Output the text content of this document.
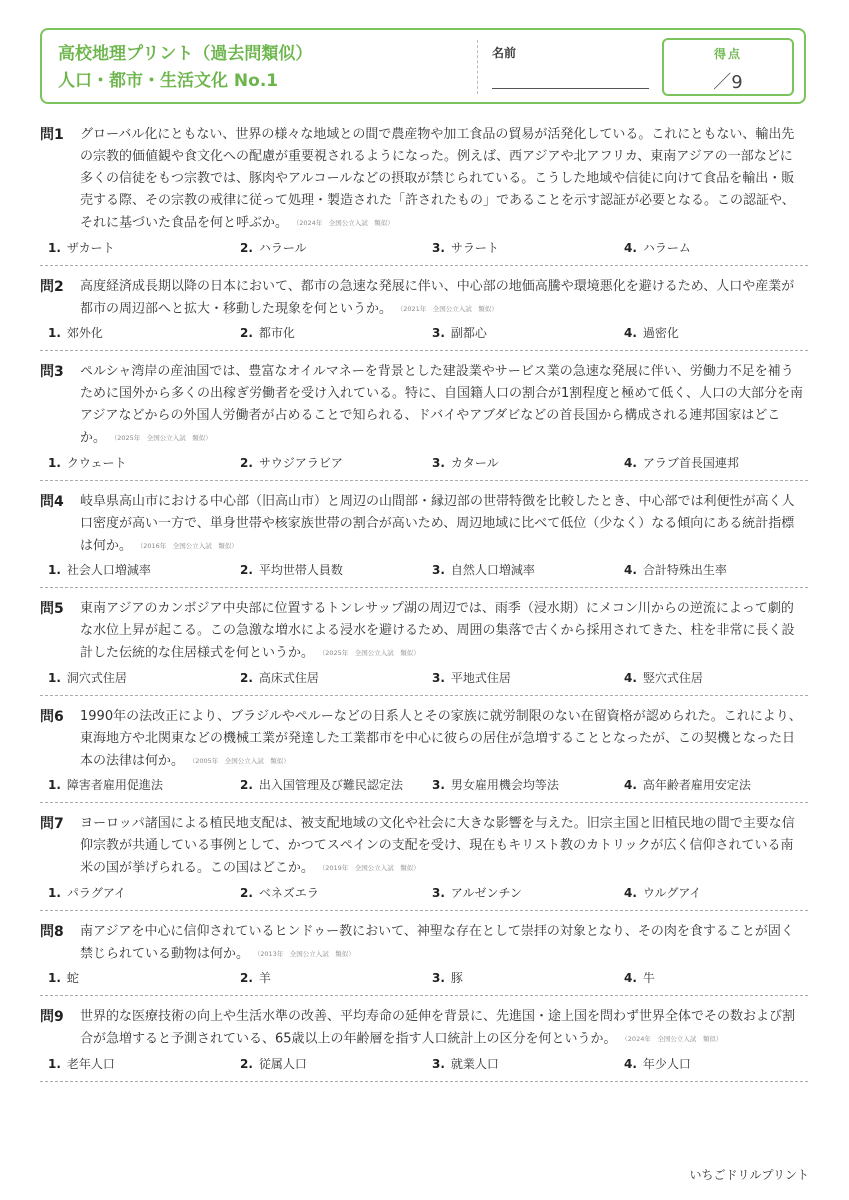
高校地理プリント（過去問類似）
人口・都市・生活文化 No.1
名前	得点
／9
問1	グローバル化にともない、世界の様々な地域との間で農産物や加工食品の貿易が活発化している。これにともない、輸出先の宗教的価値観や食文化への配慮が重要視されるようになった。例えば、西アジアや北アフリカ、東南アジアの一部などに多くの信徒をもつ宗教では、豚肉やアルコールなどの摂取が禁じられている。こうした地域や信徒に向けて食品を輸出・販売する際、その宗教の戒律に従って処理・製造された「許されたもの」であることを示す認証が必要となる。この認証や、それに基づいた食品を何と呼ぶか。 （2024年　全国公立入試　類似）
1. ザカート	2. ハラール	3. サラート	4. ハラーム
問2	高度経済成長期以降の日本において、都市の急速な発展に伴い、中心部の地価高騰や環境悪化を避けるため、人口や産業が都市の周辺部へと拡大・移動した現象を何というか。 （2021年　全国公立入試　類似）
1. 郊外化	2. 都市化	3. 副都心	4. 過密化
問3	ペルシャ湾岸の産油国では、豊富なオイルマネーを背景とした建設業やサービス業の急速な発展に伴い、労働力不足を補うために国外から多くの出稼ぎ労働者を受け入れている。特に、自国籍人口の割合が1割程度と極めて低く、人口の大部分を南アジアなどからの外国人労働者が占めることで知られる、ドバイやアブダビなどの首長国から構成される連邦国家はどこか。 （2025年　全国公立入試　類似）
1. クウェート	2. サウジアラビア	3. カタール	4. アラブ首長国連邦
問4	岐阜県高山市における中心部（旧高山市）と周辺の山間部・縁辺部の世帯特徴を比較したとき、中心部では利便性が高く人口密度が高い一方で、単身世帯や核家族世帯の割合が高いため、周辺地域に比べて低位（少なく）なる傾向にある統計指標は何か。 （2016年　全国公立入試　類似）
1. 社会人口増減率	2. 平均世帯人員数	3. 自然人口増減率	4. 合計特殊出生率
問5	東南アジアのカンボジア中央部に位置するトンレサップ湖の周辺では、雨季（浸水期）にメコン川からの逆流によって劇的な水位上昇が起こる。この急激な増水による浸水を避けるため、周囲の集落で古くから採用されてきた、柱を非常に長く設計した伝統的な住居様式を何というか。 （2025年　全国公立入試　類似）
1. 洞穴式住居	2. 高床式住居	3. 平地式住居	4. 竪穴式住居
問6	1990年の法改正により、ブラジルやペルーなどの日系人とその家族に就労制限のない在留資格が認められた。これにより、東海地方や北関東などの機械工業が発達した工業都市を中心に彼らの居住が急増することとなったが、この契機となった日本の法律は何か。 （2005年　全国公立入試　類似）
1. 障害者雇用促進法	2. 出入国管理及び難民認定法	3. 男女雇用機会均等法	4. 高年齢者雇用安定法
問7	ヨーロッパ諸国による植民地支配は、被支配地域の文化や社会に大きな影響を与えた。旧宗主国と旧植民地の間で主要な信仰宗教が共通している事例として、かつてスペインの支配を受け、現在もキリスト教のカトリックが広く信仰されている南米の国が挙げられる。この国はどこか。 （2019年　全国公立入試　類似）
1. パラグアイ	2. ベネズエラ	3. アルゼンチン	4. ウルグアイ
問8	南アジアを中心に信仰されているヒンドゥー教において、神聖な存在として崇拝の対象となり、その肉を食することが固く禁じられている動物は何か。 （2013年　全国公立入試　類似）
1. 蛇	2. 羊	3. 豚	4. 牛
問9	世界的な医療技術の向上や生活水準の改善、平均寿命の延伸を背景に、先進国・途上国を問わず世界全体でその数および割合が急増すると予測されている、65歳以上の年齢層を指す人口統計上の区分を何というか。 （2024年　全国公立入試　類似）
1. 老年人口	2. 従属人口	3. 就業人口	4. 年少人口
いちごドリルプリント
